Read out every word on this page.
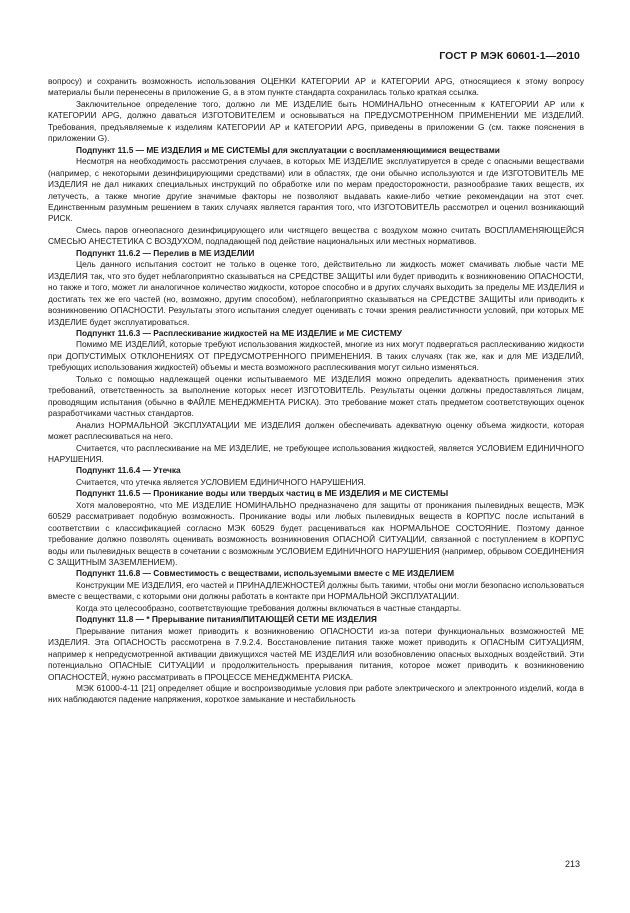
ГОСТ Р МЭК 60601-1—2010

вопросу) и сохранить возможность использования ОЦЕНКИ КАТЕГОРИИ АР и КАТЕГОРИИ APG, относящиеся к этому вопросу материалы были перенесены в приложение G, а в этом пункте стандарта сохранилась только краткая ссылка.

Заключительное определение того, должно ли МЕ ИЗДЕЛИЕ быть НОМИНАЛЬНО отнесенным к КАТЕГОРИИ АР или к КАТЕГОРИИ APG, должно даваться ИЗГОТОВИТЕЛЕМ и основываться на ПРЕДУСМОТРЕННОМ ПРИМЕНЕНИИ МЕ ИЗДЕЛИЙ. Требования, предъявляемые к изделиям КАТЕГОРИИ АР и КАТЕГОРИИ APG, приведены в приложении G (см. также пояснения в приложении G).

Подпункт 11.5 — МЕ ИЗДЕЛИЯ и МЕ СИСТЕМЫ для эксплуатации с воспламеняющимися веществами

Несмотря на необходимость рассмотрения случаев, в которых МЕ ИЗДЕЛИЕ эксплуатируется в среде с опасными веществами (например, с некоторыми дезинфицирующими средствами) или в областях, где они обычно используются и где ИЗГОТОВИТЕЛЬ МЕ ИЗДЕЛИЯ не дал никаких специальных инструкций по обработке или по мерам предосторожности, разнообразие таких веществ, их летучесть, а также многие другие значимые факторы не позволяют выдавать какие-либо четкие рекомендации на этот счет. Единственным разумным решением в таких случаях является гарантия того, что ИЗГОТОВИТЕЛЬ рассмотрел и оценил возникающий РИСК.

Смесь паров огнеопасного дезинфицирующего или чистящего вещества с воздухом можно считать ВОСПЛАМЕНЯЮЩЕЙСЯ СМЕСЬЮ АНЕСТЕТИКА С ВОЗДУХОМ, подпадающей под действие национальных или местных нормативов.

Подпункт 11.6.2 — Перелив в МЕ ИЗДЕЛИИ

Цель данного испытания состоит не только в оценке того, действительно ли жидкость может смачивать любые части МЕ ИЗДЕЛИЯ так, что это будет неблагоприятно сказываться на СРЕДСТВЕ ЗАЩИТЫ или будет приводить к возникновению ОПАСНОСТИ, но также и того, может ли аналогичное количество жидкости, которое способно и в других случаях выходить за пределы МЕ ИЗДЕЛИЯ и достигать тех же его частей (но, возможно, другим способом), неблагоприятно сказываться на СРЕДСТВЕ ЗАЩИТЫ или приводить к возникновению ОПАСНОСТИ. Результаты этого испытания следует оценивать с точки зрения реалистичности условий, при которых МЕ ИЗДЕЛИЕ будет эксплуатироваться.

Подпункт 11.6.3 — Расплескивание жидкостей на МЕ ИЗДЕЛИЕ и МЕ СИСТЕМУ

Помимо МЕ ИЗДЕЛИЙ, которые требуют использования жидкостей, многие из них могут подвергаться расплескиванию жидкости при ДОПУСТИМЫХ ОТКЛОНЕНИЯХ ОТ ПРЕДУСМОТРЕННОГО ПРИМЕНЕНИЯ. В таких случаях (так же, как и для МЕ ИЗДЕЛИЙ, требующих использования жидкостей) объемы и места возможного расплескивания могут сильно изменяться.

Только с помощью надлежащей оценки испытываемого МЕ ИЗДЕЛИЯ можно определить адекватность применения этих требований, ответственность за выполнение которых несет ИЗГОТОВИТЕЛЬ. Результаты оценки должны предоставляться лицам, проводящим испытания (обычно в ФАЙЛЕ МЕНЕДЖМЕНТА РИСКА). Это требование может стать предметом соответствующих оценок разработчиками частных стандартов.

Анализ НОРМАЛЬНОЙ ЭКСПЛУАТАЦИИ МЕ ИЗДЕЛИЯ должен обеспечивать адекватную оценку объема жидкости, которая может расплескиваться на него.

Считается, что расплескивание на МЕ ИЗДЕЛИЕ, не требующее использования жидкостей, является УСЛОВИЕМ ЕДИНИЧНОГО НАРУШЕНИЯ.

Подпункт 11.6.4 — Утечка

Считается, что утечка является УСЛОВИЕМ ЕДИНИЧНОГО НАРУШЕНИЯ.

Подпункт 11.6.5 — Проникание воды или твердых частиц в МЕ ИЗДЕЛИЯ и МЕ СИСТЕМЫ

Хотя маловероятно, что МЕ ИЗДЕЛИЕ НОМИНАЛЬНО предназначено для защиты от проникания пылевидных веществ, МЭК 60529 рассматривает подобную возможность. Проникание воды или любых пылевидных веществ в КОРПУС после испытаний в соответствии с классификацией согласно МЭК 60529 будет расцениваться как НОРМАЛЬНОЕ СОСТОЯНИЕ. Поэтому данное требование должно позволять оценивать возможность возникновения ОПАСНОЙ СИТУАЦИИ, связанной с поступлением в КОРПУС воды или пылевидных веществ в сочетании с возможным УСЛОВИЕМ ЕДИНИЧНОГО НАРУШЕНИЯ (например, обрывом СОЕДИНЕНИЯ С ЗАЩИТНЫМ ЗАЗЕМЛЕНИЕМ).

Подпункт 11.6.8 — Совместимость с веществами, используемыми вместе с МЕ ИЗДЕЛИЕМ

Конструкции МЕ ИЗДЕЛИЯ, его частей и ПРИНАДЛЕЖНОСТЕЙ должны быть такими, чтобы они могли безопасно использоваться вместе с веществами, с которыми они должны работать в контакте при НОРМАЛЬНОЙ ЭКСПЛУАТАЦИИ.

Когда это целесообразно, соответствующие требования должны включаться в частные стандарты.

Подпункт 11.8 — * Прерывание питания/ПИТАЮЩЕЙ СЕТИ МЕ ИЗДЕЛИЯ

Прерывание питания может приводить к возникновению ОПАСНОСТИ из-за потери функциональных возможностей МЕ ИЗДЕЛИЯ. Эта ОПАСНОСТЬ рассмотрена в 7.9.2.4. Восстановление питания также может приводить к ОПАСНЫМ СИТУАЦИЯМ, например к непредусмотренной активации движущихся частей МЕ ИЗДЕЛИЯ или возобновлению опасных выходных воздействий. Эти потенциально ОПАСНЫЕ СИТУАЦИИ и продолжительность прерывания питания, которое может приводить к возникновению ОПАСНОСТЕЙ, нужно рассматривать в ПРОЦЕССЕ МЕНЕДЖМЕНТА РИСКА.

МЭК 61000-4-11 [21] определяет общие и воспроизводимые условия при работе электрического и электронного изделий, когда в них наблюдаются падение напряжения, короткое замыкание и нестабильность

213
